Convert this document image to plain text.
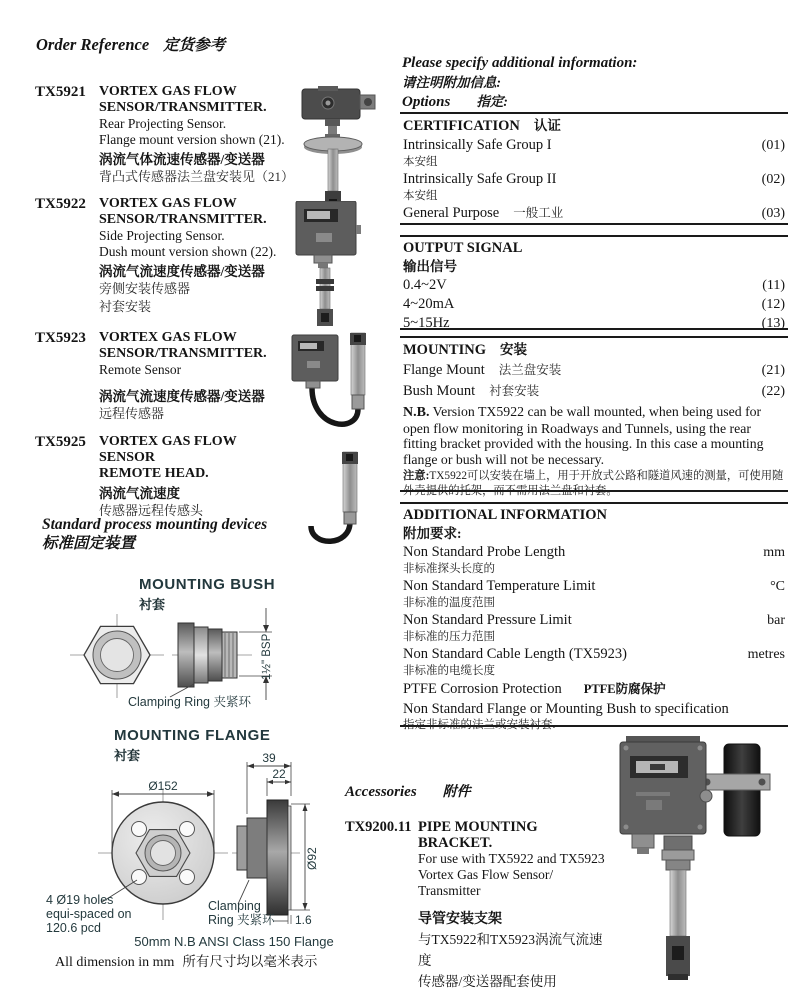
Order Reference 定货参考
TX5921 VORTEX GAS FLOW
SENSOR/TRANSMITTER.
Rear Projecting Sensor.
Flange mount version shown (21).
涡流气体流速传感器/变送器
背凸式传感器法兰盘安装见（21）
TX5922 VORTEX GAS FLOW
SENSOR/TRANSMITTER.
Side Projecting Sensor.
Dush mount version shown (22).
涡流气流速度传感器/变送器
旁侧安装传感器
衬套安装
TX5923 VORTEX GAS FLOW
SENSOR/TRANSMITTER.
Remote Sensor
涡流气流速度传感器/变送器
远程传感器
TX5925 VORTEX GAS FLOW SENSOR
REMOTE HEAD.
涡流气流速度
传感器远程传感头
Standard process mounting devices
标准固定装置
MOUNTING BUSH
衬套
1½" BSP
Clamping Ring 夹紧环
MOUNTING FLANGE
衬套
Ø152
39
22
Ø92
1.6
4 Ø19 holes
equi-spaced on
120.6 pcd
Clamping
Ring 夹紧环
50mm N.B ANSI Class 150 Flange
All dimension in mm 所有尺寸均以毫米表示
Please specify additional information:
请注明附加信息:
Options 指定:
CERTIFICATION 认证
Intrinsically Safe Group I	(01)
本安组
Intrinsically Safe Group II	(02)
本安组
General Purpose 一般工业	(03)
OUTPUT SIGNAL
输出信号
0.4~2V	(11)
4~20mA	(12)
5~15Hz	(13)
MOUNTING 安装
Flange Mount 法兰盘安装	(21)
Bush Mount 衬套安装	(22)
N.B. Version TX5922 can be wall mounted, when being used for open flow monitoring in Roadways and Tunnels, using the rear fitting bracket provided with the housing. In this case a mounting flange or bush will not be necessary.
注意:TX5922可以安装在墙上，用于开放式公路和隧道风速的测量，可使用随外壳提供的托架，而不需用法兰盘和衬套。
ADDITIONAL INFORMATION
附加要求:
Non Standard Probe Length	mm
非标准探头长度的
Non Standard Temperature Limit	°C
非标准的温度范围
Non Standard Pressure Limit	bar
非标准的压力范围
Non Standard Cable Length (TX5923)	metres
非标准的电缆长度
PTFE Corrosion Protection PTFE防腐保护
Non Standard Flange or Mounting Bush to specification
指定非标准的法兰或安装衬套.
Accessories 附件
TX9200.11 PIPE MOUNTING BRACKET.
For use with TX5922 and TX5923
Vortex Gas Flow Sensor/ Transmitter
导管安装支架
与TX5922和TX5923涡流气流速度
传感器/变送器配套使用
